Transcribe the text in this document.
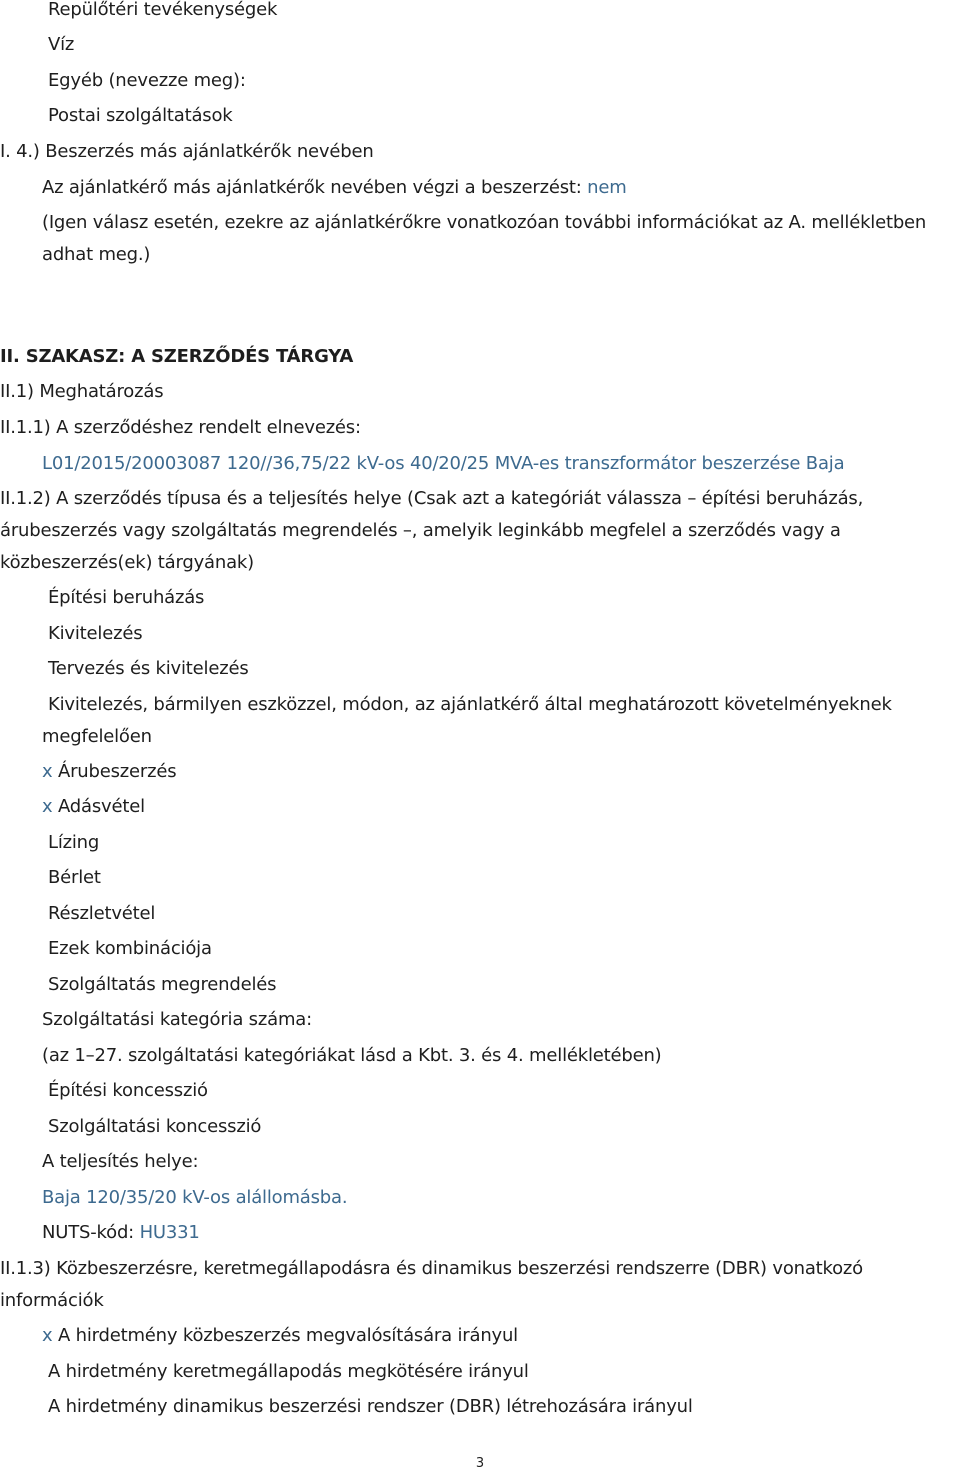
Repülőtéri tevékenységek
Víz
Egyéb (nevezze meg):
Postai szolgáltatások
I. 4.) Beszerzés más ajánlatkérők nevében
Az ajánlatkérő más ajánlatkérők nevében végzi a beszerzést: nem
(Igen válasz esetén, ezekre az ajánlatkérőkre vonatkozóan további információkat az A. mellékletben
adhat meg.)
II. SZAKASZ: A SZERZŐDÉS TÁRGYA
II.1) Meghatározás
II.1.1) A szerződéshez rendelt elnevezés:
L01/2015/20003087 120//36,75/22 kV-os 40/20/25 MVA-es transzformátor beszerzése Baja
II.1.2) A szerződés típusa és a teljesítés helye (Csak azt a kategóriát válassza – építési beruházás,
árubeszerzés vagy szolgáltatás megrendelés –, amelyik leginkább megfelel a szerződés vagy a
közbeszerzés(ek) tárgyának)
Építési beruházás
Kivitelezés
Tervezés és kivitelezés
Kivitelezés, bármilyen eszközzel, módon, az ajánlatkérő által meghatározott követelményeknek
megfelelően
x Árubeszerzés
x Adásvétel
Lízing
Bérlet
Részletvétel
Ezek kombinációja
Szolgáltatás megrendelés
Szolgáltatási kategória száma:
(az 1–27. szolgáltatási kategóriákat lásd a Kbt. 3. és 4. mellékletében)
Építési koncesszió
Szolgáltatási koncesszió
A teljesítés helye:
Baja 120/35/20 kV-os alállomásba.
NUTS-kód: HU331
II.1.3) Közbeszerzésre, keretmegállapodásra és dinamikus beszerzési rendszerre (DBR) vonatkozó
információk
x A hirdetmény közbeszerzés megvalósítására irányul
A hirdetmény keretmegállapodás megkötésére irányul
A hirdetmény dinamikus beszerzési rendszer (DBR) létrehozására irányul
3
